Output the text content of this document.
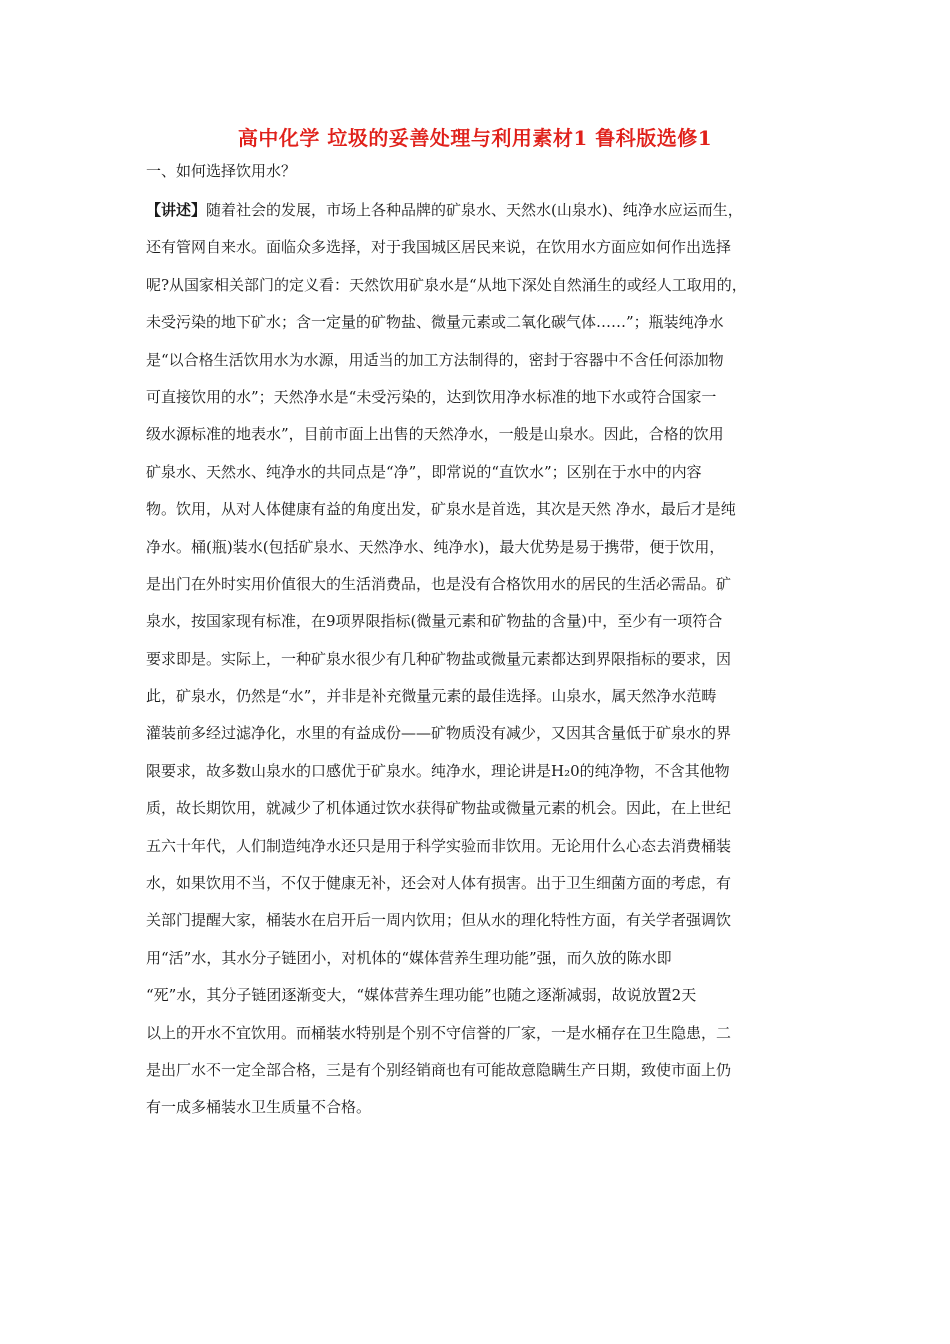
高中化学 垃圾的妥善处理与利用素材1 鲁科版选修1
一、如何选择饮用水？
【讲述】随着社会的发展，市场上各种品牌的矿泉水、天然水(山泉水)、纯净水应运而生，
还有管网自来水。面临众多选择，对于我国城区居民来说，在饮用水方面应如何作出选择
呢?从国家相关部门的定义看：天然饮用矿泉水是“从地下深处自然涌生的或经人工取用的，
未受污染的地下矿水；含一定量的矿物盐、微量元素或二氧化碳气体……”；瓶装纯净水
是“以合格生活饮用水为水源，用适当的加工方法制得的，密封于容器中不含任何添加物
可直接饮用的水”；天然净水是“未受污染的，达到饮用净水标准的地下水或符合国家一
级水源标准的地表水”，目前市面上出售的天然净水，一般是山泉水。因此，合格的饮用
矿泉水、天然水、纯净水的共同点是“净”，即常说的“直饮水”；区别在于水中的内容
物。饮用，从对人体健康有益的角度出发，矿泉水是首选，其次是天然 净水，最后才是纯
净水。桶(瓶)装水(包括矿泉水、天然净水、纯净水)，最大优势是易于携带，便于饮用，
是出门在外时实用价值很大的生活消费品，也是没有合格饮用水的居民的生活必需品。矿
泉水，按国家现有标准，在9项界限指标(微量元素和矿物盐的含量)中，至少有一项符合
要求即是。实际上，一种矿泉水很少有几种矿物盐或微量元素都达到界限指标的要求，因
此，矿泉水，仍然是“水”，并非是补充微量元素的最佳选择。山泉水，属天然净水范畴
灌装前多经过滤净化，水里的有益成份——矿物质没有减少，又因其含量低于矿泉水的界
限要求，故多数山泉水的口感优于矿泉水。纯净水，理论讲是H₂0的纯净物，不含其他物
质，故长期饮用，就减少了机体通过饮水获得矿物盐或微量元素的机会。因此，在上世纪
五六十年代，人们制造纯净水还只是用于科学实验而非饮用。无论用什么心态去消费桶装
水，如果饮用不当，不仅于健康无补，还会对人体有损害。出于卫生细菌方面的考虑，有
关部门提醒大家，桶装水在启开后一周内饮用；但从水的理化特性方面，有关学者强调饮
用“活”水，其水分子链团小，对机体的“媒体营养生理功能”强，而久放的陈水即
“死”水，其分子链团逐渐变大，“媒体营养生理功能”也随之逐渐减弱，故说放置2天
以上的开水不宜饮用。而桶装水特别是个别不守信誉的厂家，一是水桶存在卫生隐患，二
是出厂水不一定全部合格，三是有个别经销商也有可能故意隐瞒生产日期，致使市面上仍
有一成多桶装水卫生质量不合格。
